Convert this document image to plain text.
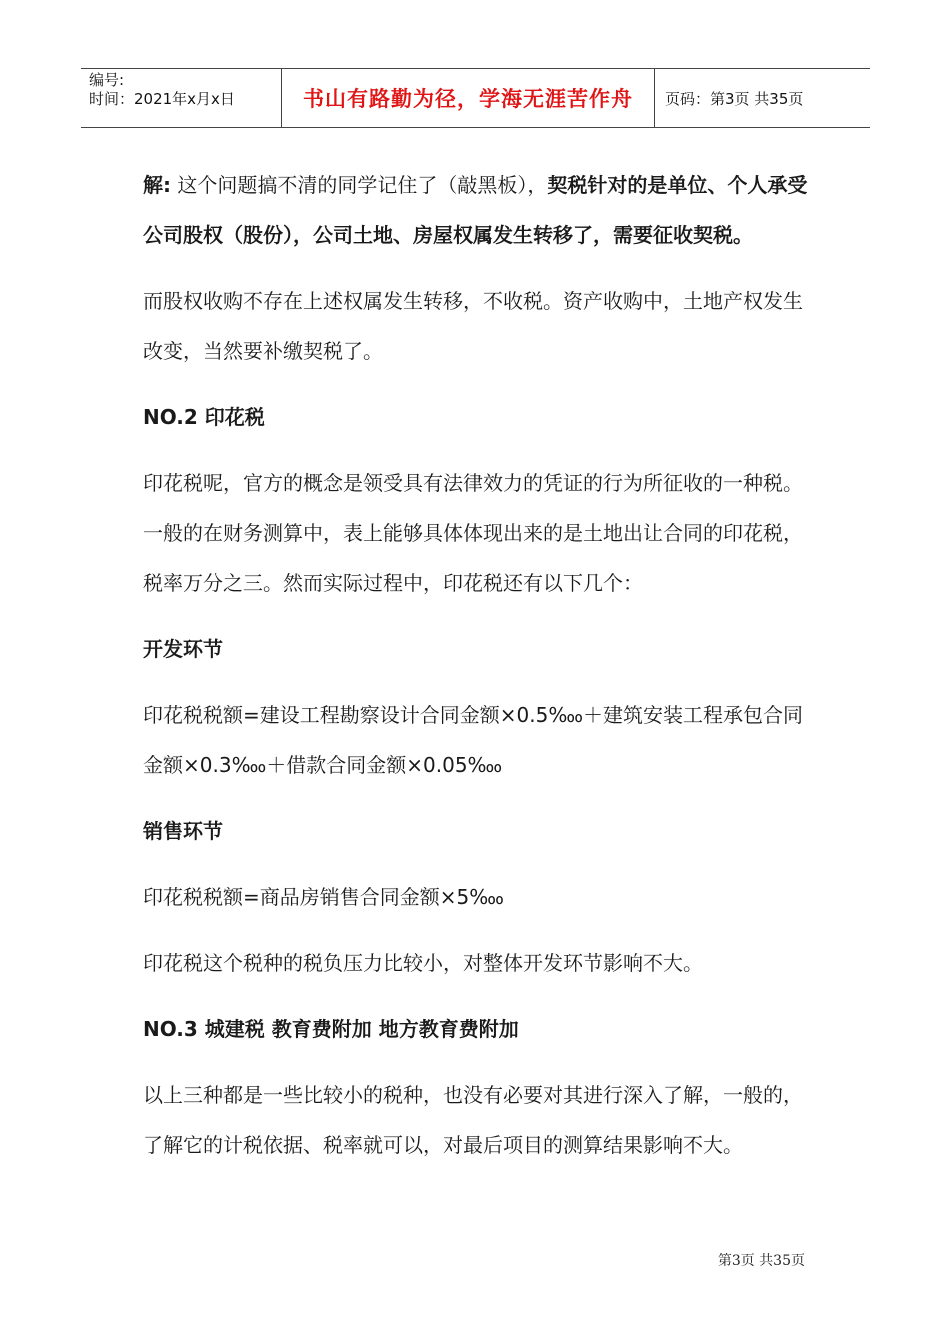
编号:
时间：2021年x月x日	书山有路勤为径，学海无涯苦作舟	页码：第3页 共35页

解: 这个问题搞不清的同学记住了（敲黑板），契税针对的是单位、个人承受公司股权（股份），公司土地、房屋权属发生转移了，需要征收契税。

而股权收购不存在上述权属发生转移，不收税。资产收购中，土地产权发生改变，当然要补缴契税了。

NO.2 印花税

印花税呢，官方的概念是领受具有法律效力的凭证的行为所征收的一种税。一般的在财务测算中，表上能够具体体现出来的是土地出让合同的印花税，税率万分之三。然而实际过程中，印花税还有以下几个：

开发环节

印花税税额=建设工程勘察设计合同金额×0.5‱＋建筑安装工程承包合同金额×0.3‱＋借款合同金额×0.05‱

销售环节

印花税税额=商品房销售合同金额×5‱

印花税这个税种的税负压力比较小，对整体开发环节影响不大。

NO.3 城建税 教育费附加 地方教育费附加

以上三种都是一些比较小的税种，也没有必要对其进行深入了解，一般的，了解它的计税依据、税率就可以，对最后项目的测算结果影响不大。

第3页 共35页
